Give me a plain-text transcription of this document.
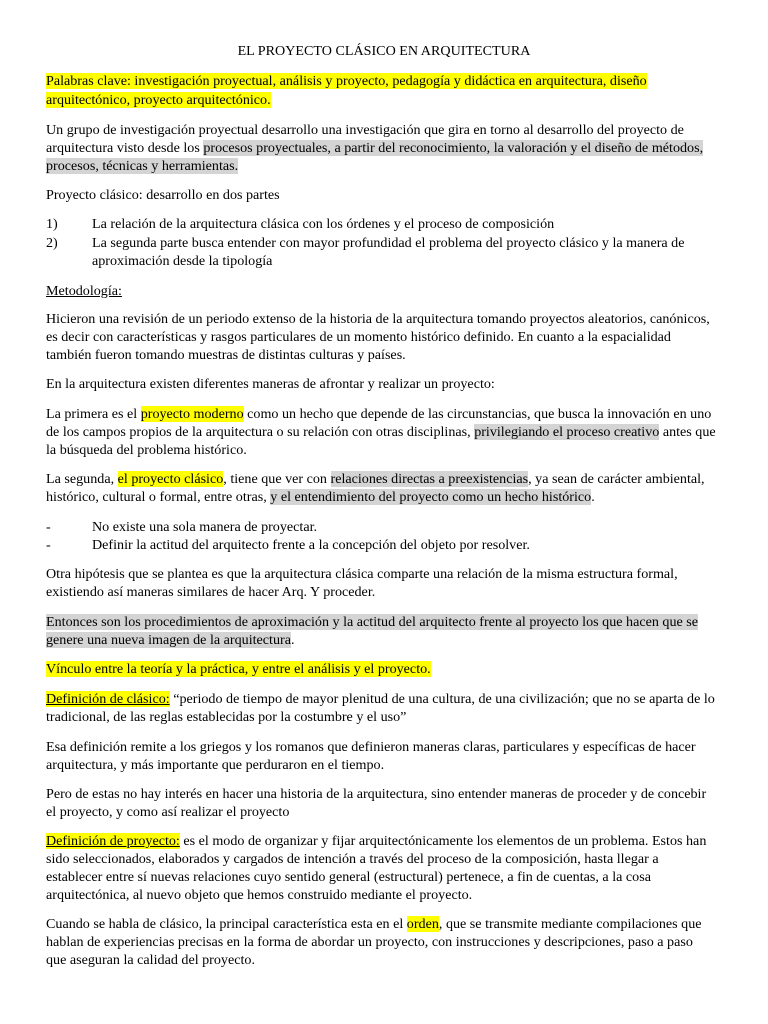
EL PROYECTO CLÁSICO EN ARQUITECTURA
Palabras clave: investigación proyectual, análisis y proyecto, pedagogía y didáctica en arquitectura, diseño
arquitectónico, proyecto arquitectónico.
Un grupo de investigación proyectual desarrollo una investigación que gira en torno al desarrollo del proyecto de
arquitectura visto desde los procesos proyectuales, a partir del reconocimiento, la valoración y el diseño de métodos,
procesos, técnicas y herramientas.
Proyecto clásico: desarrollo en dos partes
1)	La relación de la arquitectura clásica con los órdenes y el proceso de composición
2)	La segunda parte busca entender con mayor profundidad el problema del proyecto clásico y la manera de
aproximación desde la tipología
Metodología:
Hicieron una revisión de un periodo extenso de la historia de la arquitectura tomando proyectos aleatorios, canónicos,
es decir con características y rasgos particulares de un momento histórico definido. En cuanto a la espacialidad
también fueron tomando muestras de distintas culturas y países.
En la arquitectura existen diferentes maneras de afrontar y realizar un proyecto:
La primera es el proyecto moderno como un hecho que depende de las circunstancias, que busca la innovación en uno
de los campos propios de la arquitectura o su relación con otras disciplinas, privilegiando el proceso creativo antes que
la búsqueda del problema histórico.
La segunda, el proyecto clásico, tiene que ver con relaciones directas a preexistencias, ya sean de carácter ambiental,
histórico, cultural o formal, entre otras, y el entendimiento del proyecto como un hecho histórico.
-	No existe una sola manera de proyectar.
-	Definir la actitud del arquitecto frente a la concepción del objeto por resolver.
Otra hipótesis que se plantea es que la arquitectura clásica comparte una relación de la misma estructura formal,
existiendo así maneras similares de hacer Arq. Y proceder.
Entonces son los procedimientos de aproximación y la actitud del arquitecto frente al proyecto los que hacen que se
genere una nueva imagen de la arquitectura.
Vínculo entre la teoría y la práctica, y entre el análisis y el proyecto.
Definición de clásico: “periodo de tiempo de mayor plenitud de una cultura, de una civilización; que no se aparta de lo
tradicional, de las reglas establecidas por la costumbre y el uso”
Esa definición remite a los griegos y los romanos que definieron maneras claras, particulares y específicas de hacer
arquitectura, y más importante que perduraron en el tiempo.
Pero de estas no hay interés en hacer una historia de la arquitectura, sino entender maneras de proceder y de concebir
el proyecto, y como así realizar el proyecto
Definición de proyecto: es el modo de organizar y fijar arquitectónicamente los elementos de un problema. Estos han
sido seleccionados, elaborados y cargados de intención a través del proceso de la composición, hasta llegar a
establecer entre sí nuevas relaciones cuyo sentido general (estructural) pertenece, a fin de cuentas, a la cosa
arquitectónica, al nuevo objeto que hemos construido mediante el proyecto.
Cuando se habla de clásico, la principal característica esta en el orden, que se transmite mediante compilaciones que
hablan de experiencias precisas en la forma de abordar un proyecto, con instrucciones y descripciones, paso a paso
que aseguran la calidad del proyecto.
